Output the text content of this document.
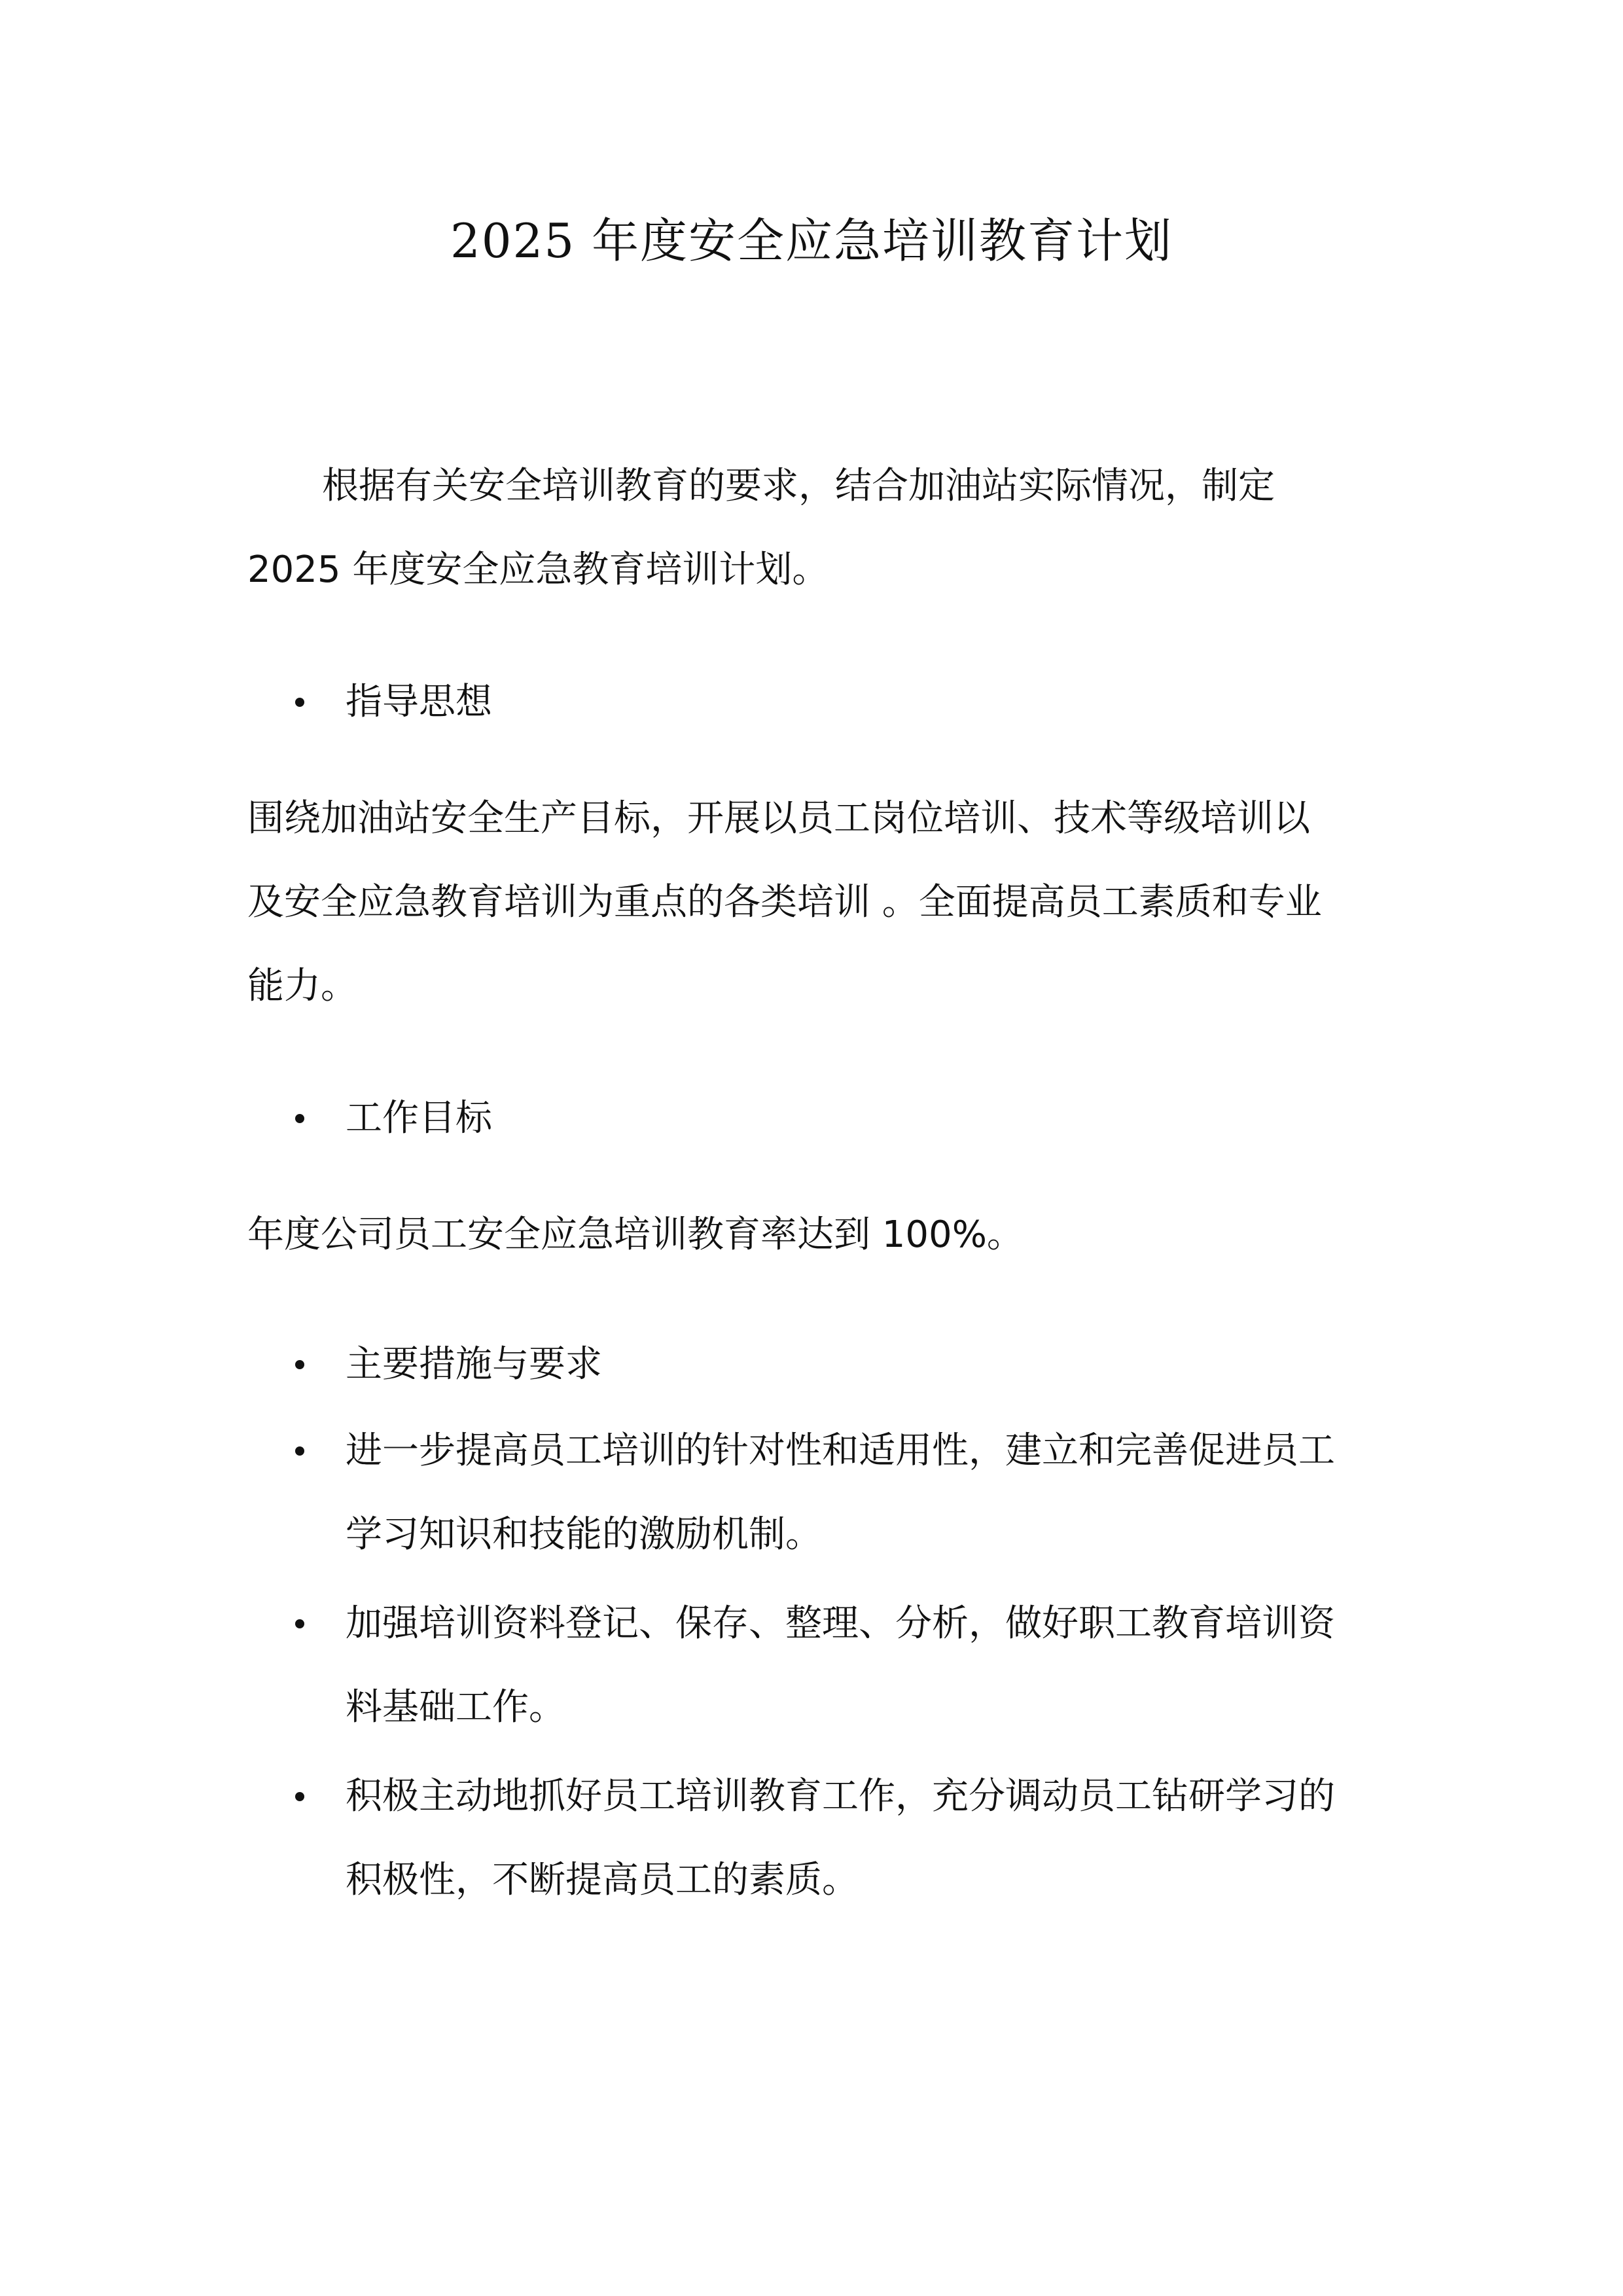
2025 年度安全应急培训教育计划

根据有关安全培训教育的要求，结合加油站实际情况，制定

2025 年度安全应急教育培训计划。

指导思想

围绕加油站安全生产目标，开展以员工岗位培训、技术等级培训以

及安全应急教育培训为重点的各类培训 。全面提高员工素质和专业

能力。

工作目标

年度公司员工安全应急培训教育率达到 100%。

主要措施与要求

进一步提高员工培训的针对性和适用性，建立和完善促进员工

学习知识和技能的激励机制。

加强培训资料登记、保存、整理、分析，做好职工教育培训资

料基础工作。

积极主动地抓好员工培训教育工作，充分调动员工钻研学习的

积极性，不断提高员工的素质。
